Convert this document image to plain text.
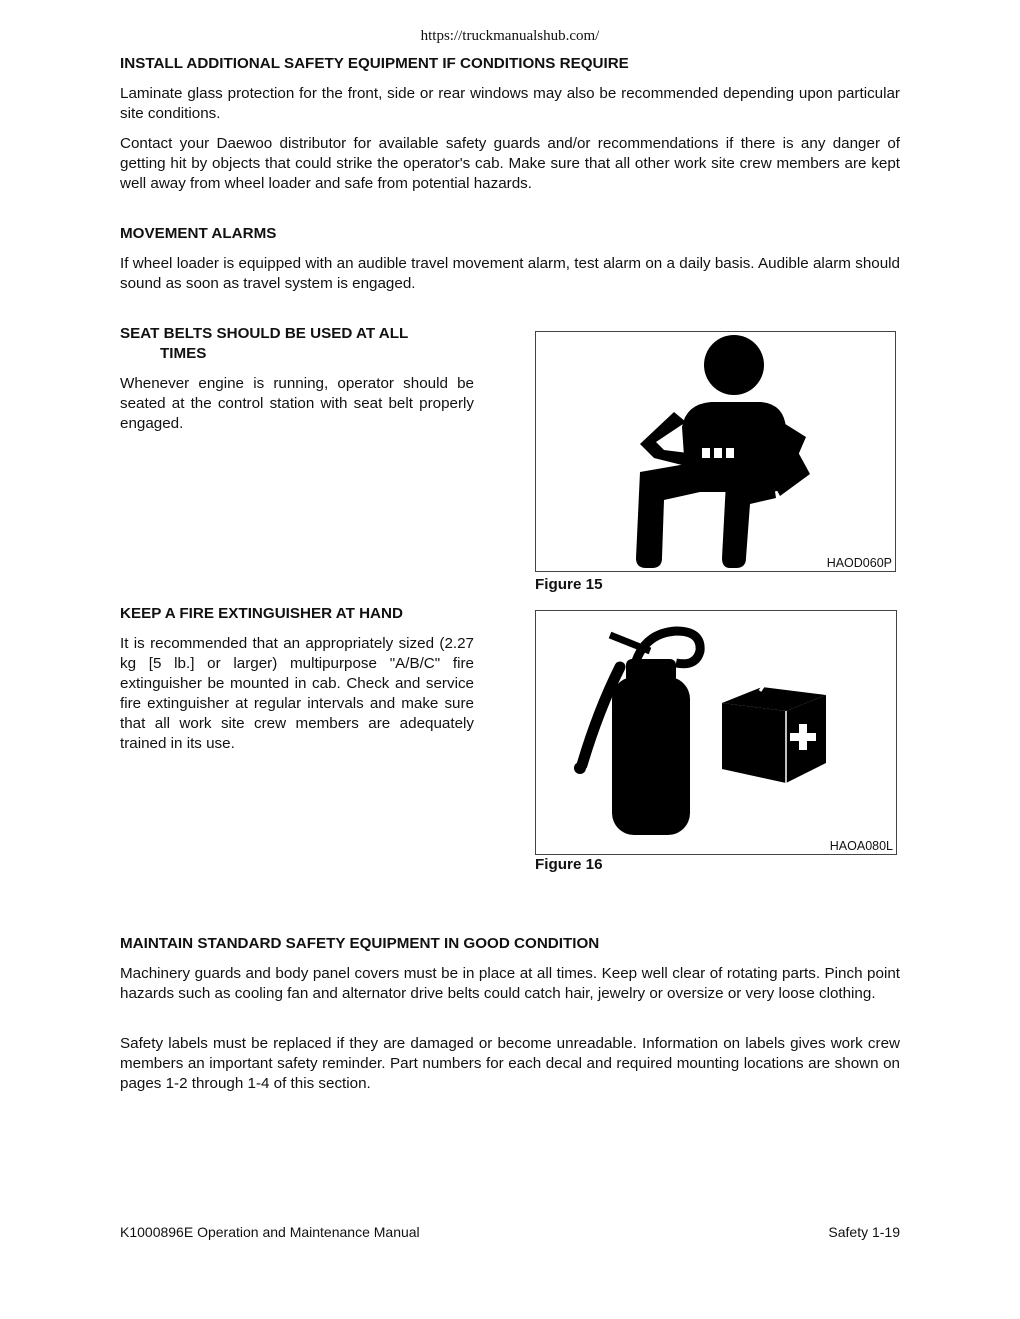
https://truckmanualshub.com/
INSTALL ADDITIONAL SAFETY EQUIPMENT IF CONDITIONS REQUIRE

Laminate glass protection for the front, side or rear windows may also be recommended depending upon particular site conditions.

Contact your Daewoo distributor for available safety guards and/or recommendations if there is any danger of getting hit by objects that could strike the operator's cab. Make sure that all other work site crew members are kept well away from wheel loader and safe from potential hazards.

MOVEMENT ALARMS

If wheel loader is equipped with an audible travel movement alarm, test alarm on a daily basis. Audible alarm should sound as soon as travel system is engaged.

SEAT BELTS SHOULD BE USED AT ALL
TIMES

Whenever engine is running, operator should be seated at the control station with seat belt properly engaged.

HAOD060P
Figure 15
KEEP A FIRE EXTINGUISHER AT HAND

It is recommended that an appropriately sized (2.27 kg [5 lb.] or larger) multipurpose "A/B/C" fire extinguisher be mounted in cab. Check and service fire extinguisher at regular intervals and make sure that all work site crew members are adequately trained in its use.

HAOA080L
Figure 16
MAINTAIN STANDARD SAFETY EQUIPMENT IN GOOD CONDITION

Machinery guards and body panel covers must be in place at all times. Keep well clear of rotating parts. Pinch point hazards such as cooling fan and alternator drive belts could catch hair, jewelry or oversize or very loose clothing.

Safety labels must be replaced if they are damaged or become unreadable. Information on labels gives work crew members an important safety reminder. Part numbers for each decal and required mounting locations are shown on pages 1-2 through 1-4 of this section.

K1000896E Operation and Maintenance Manual	Safety 1-19
